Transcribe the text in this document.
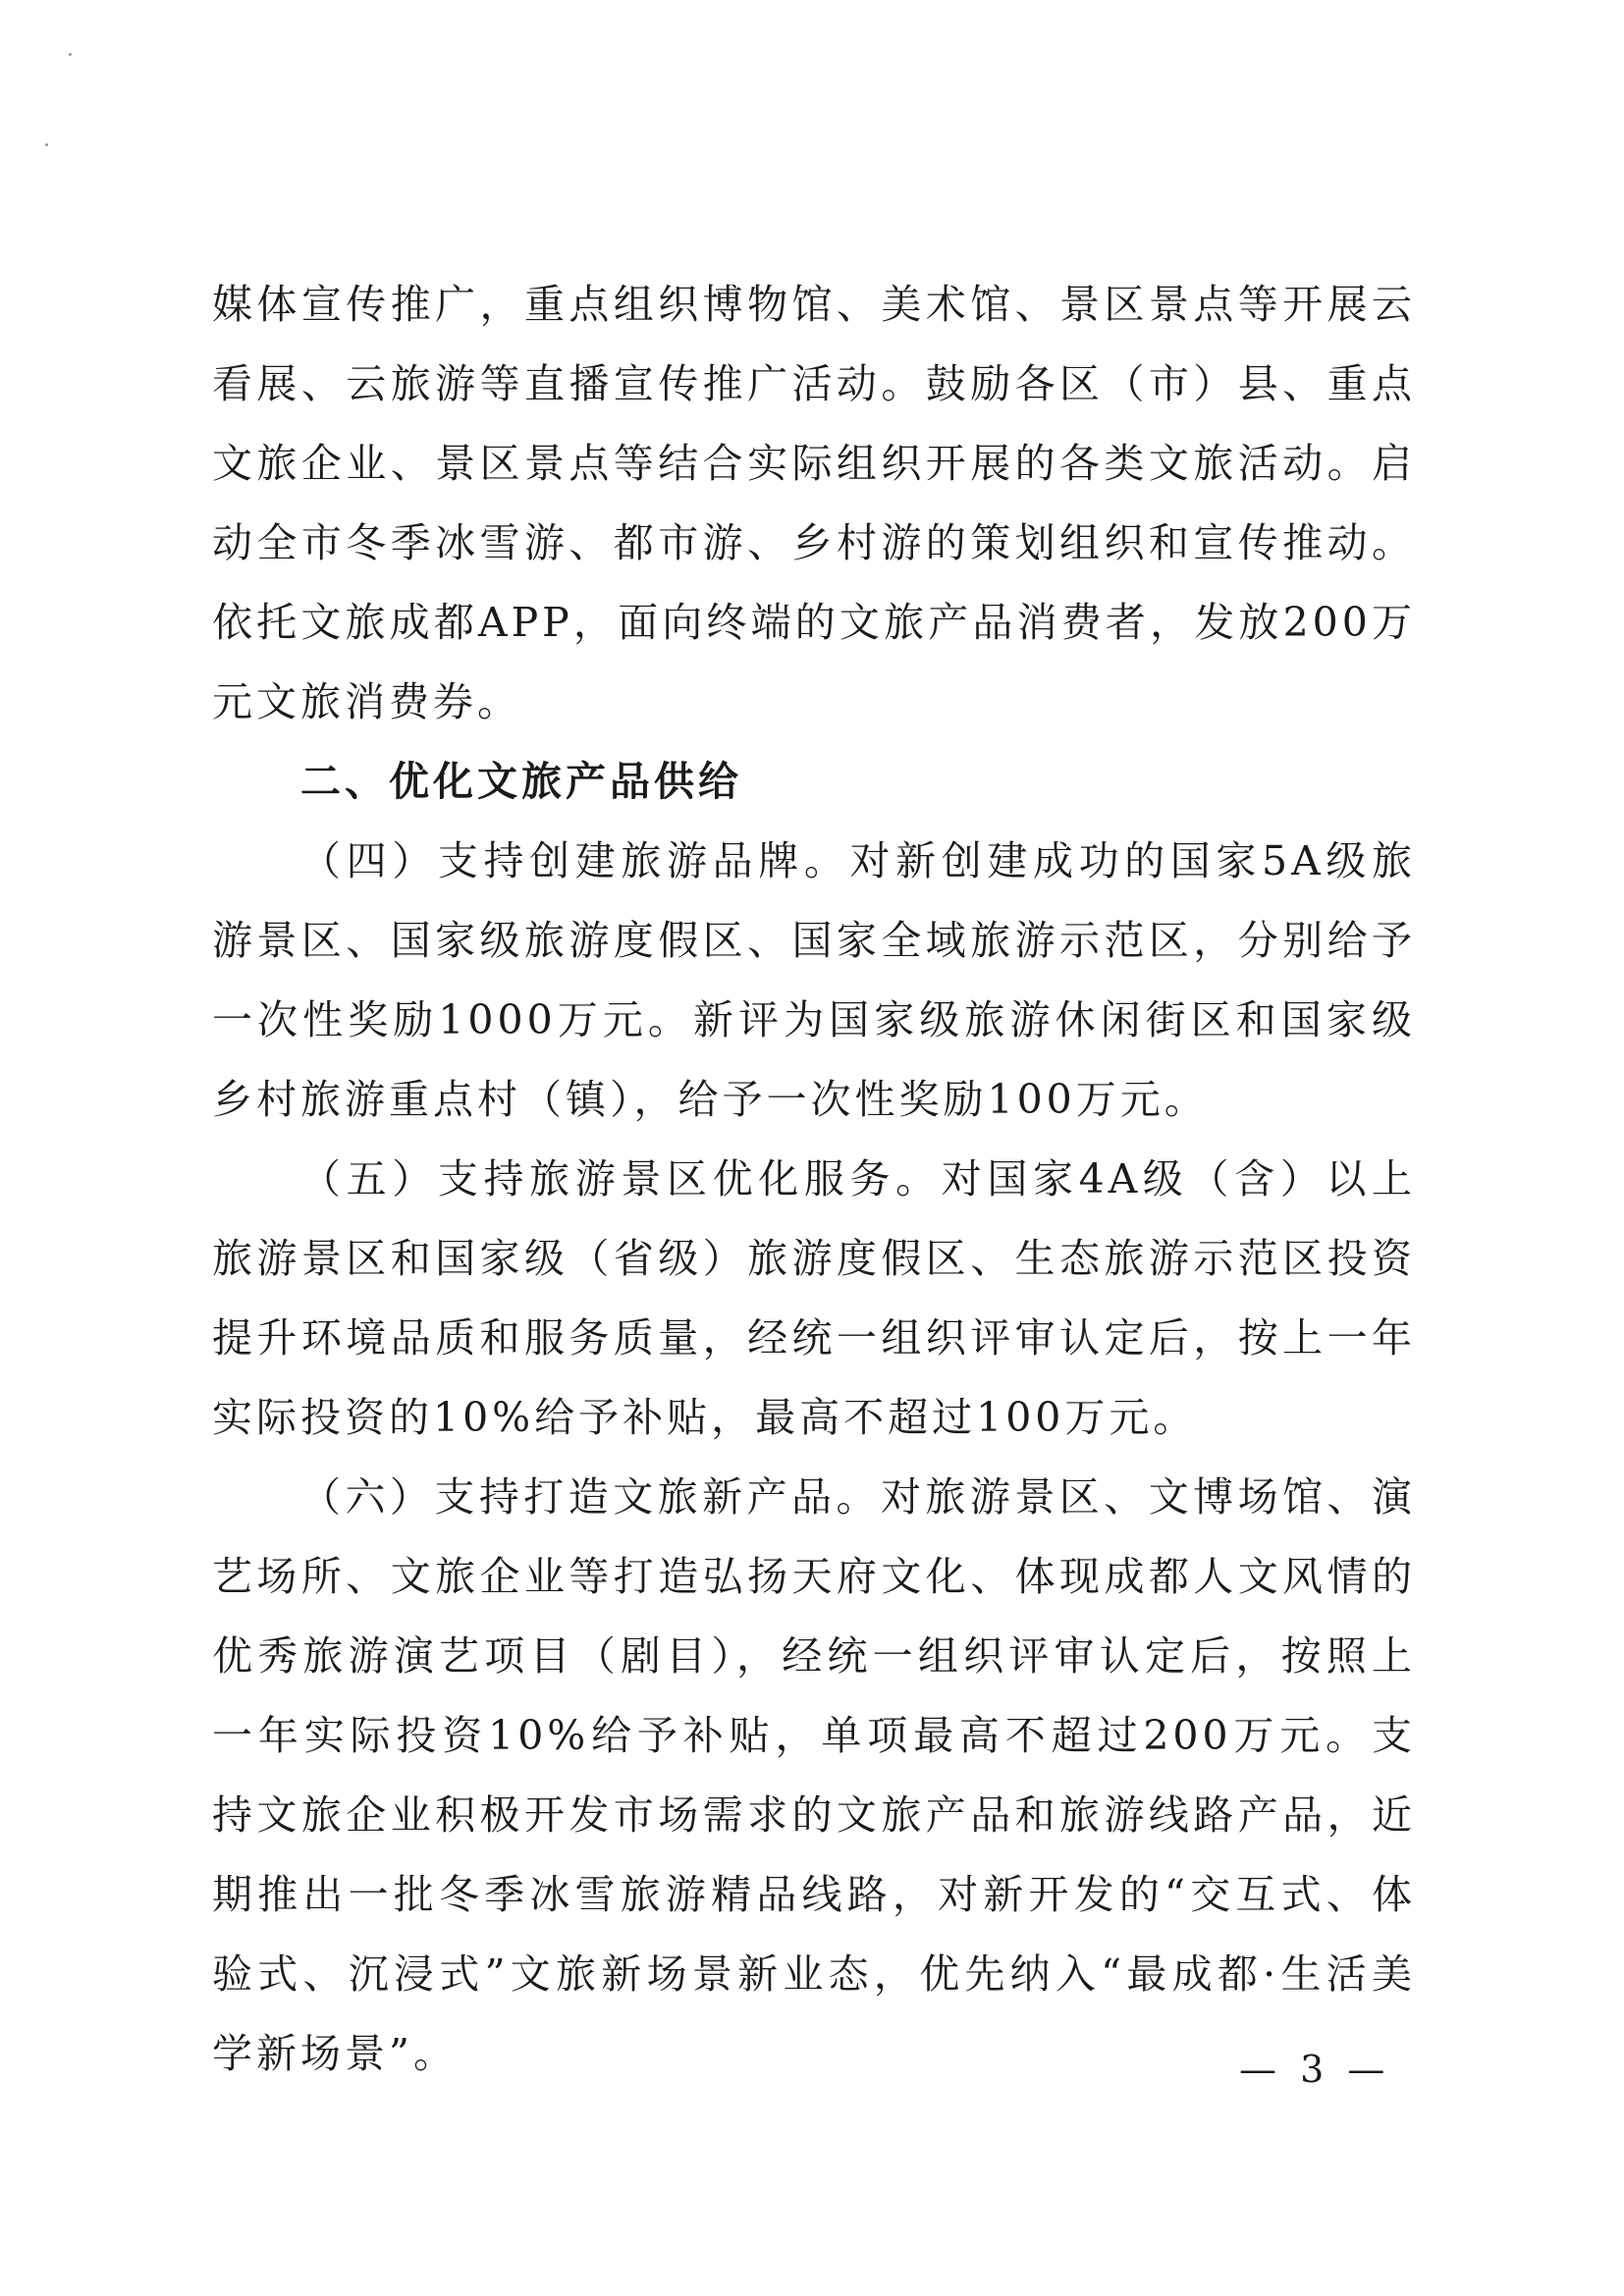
媒体宣传推广，重点组织博物馆、美术馆、景区景点等开展云看展、云旅游等直播宣传推广活动。鼓励各区（市）县、重点文旅企业、景区景点等结合实际组织开展的各类文旅活动。启动全市冬季冰雪游、都市游、乡村游的策划组织和宣传推动。依托文旅成都APP，面向终端的文旅产品消费者，发放200万元文旅消费券。

二、优化文旅产品供给

（四）支持创建旅游品牌。对新创建成功的国家5A级旅游景区、国家级旅游度假区、国家全域旅游示范区，分别给予一次性奖励1000万元。新评为国家级旅游休闲街区和国家级乡村旅游重点村（镇），给予一次性奖励100万元。

（五）支持旅游景区优化服务。对国家4A级（含）以上旅游景区和国家级（省级）旅游度假区、生态旅游示范区投资提升环境品质和服务质量，经统一组织评审认定后，按上一年实际投资的10%给予补贴，最高不超过100万元。

（六）支持打造文旅新产品。对旅游景区、文博场馆、演艺场所、文旅企业等打造弘扬天府文化、体现成都人文风情的优秀旅游演艺项目（剧目），经统一组织评审认定后，按照上一年实际投资10%给予补贴，单项最高不超过200万元。支持文旅企业积极开发市场需求的文旅产品和旅游线路产品，近期推出一批冬季冰雪旅游精品线路，对新开发的“交互式、体验式、沉浸式”文旅新场景新业态，优先纳入“最成都·生活美学新场景”。	— 3 —
